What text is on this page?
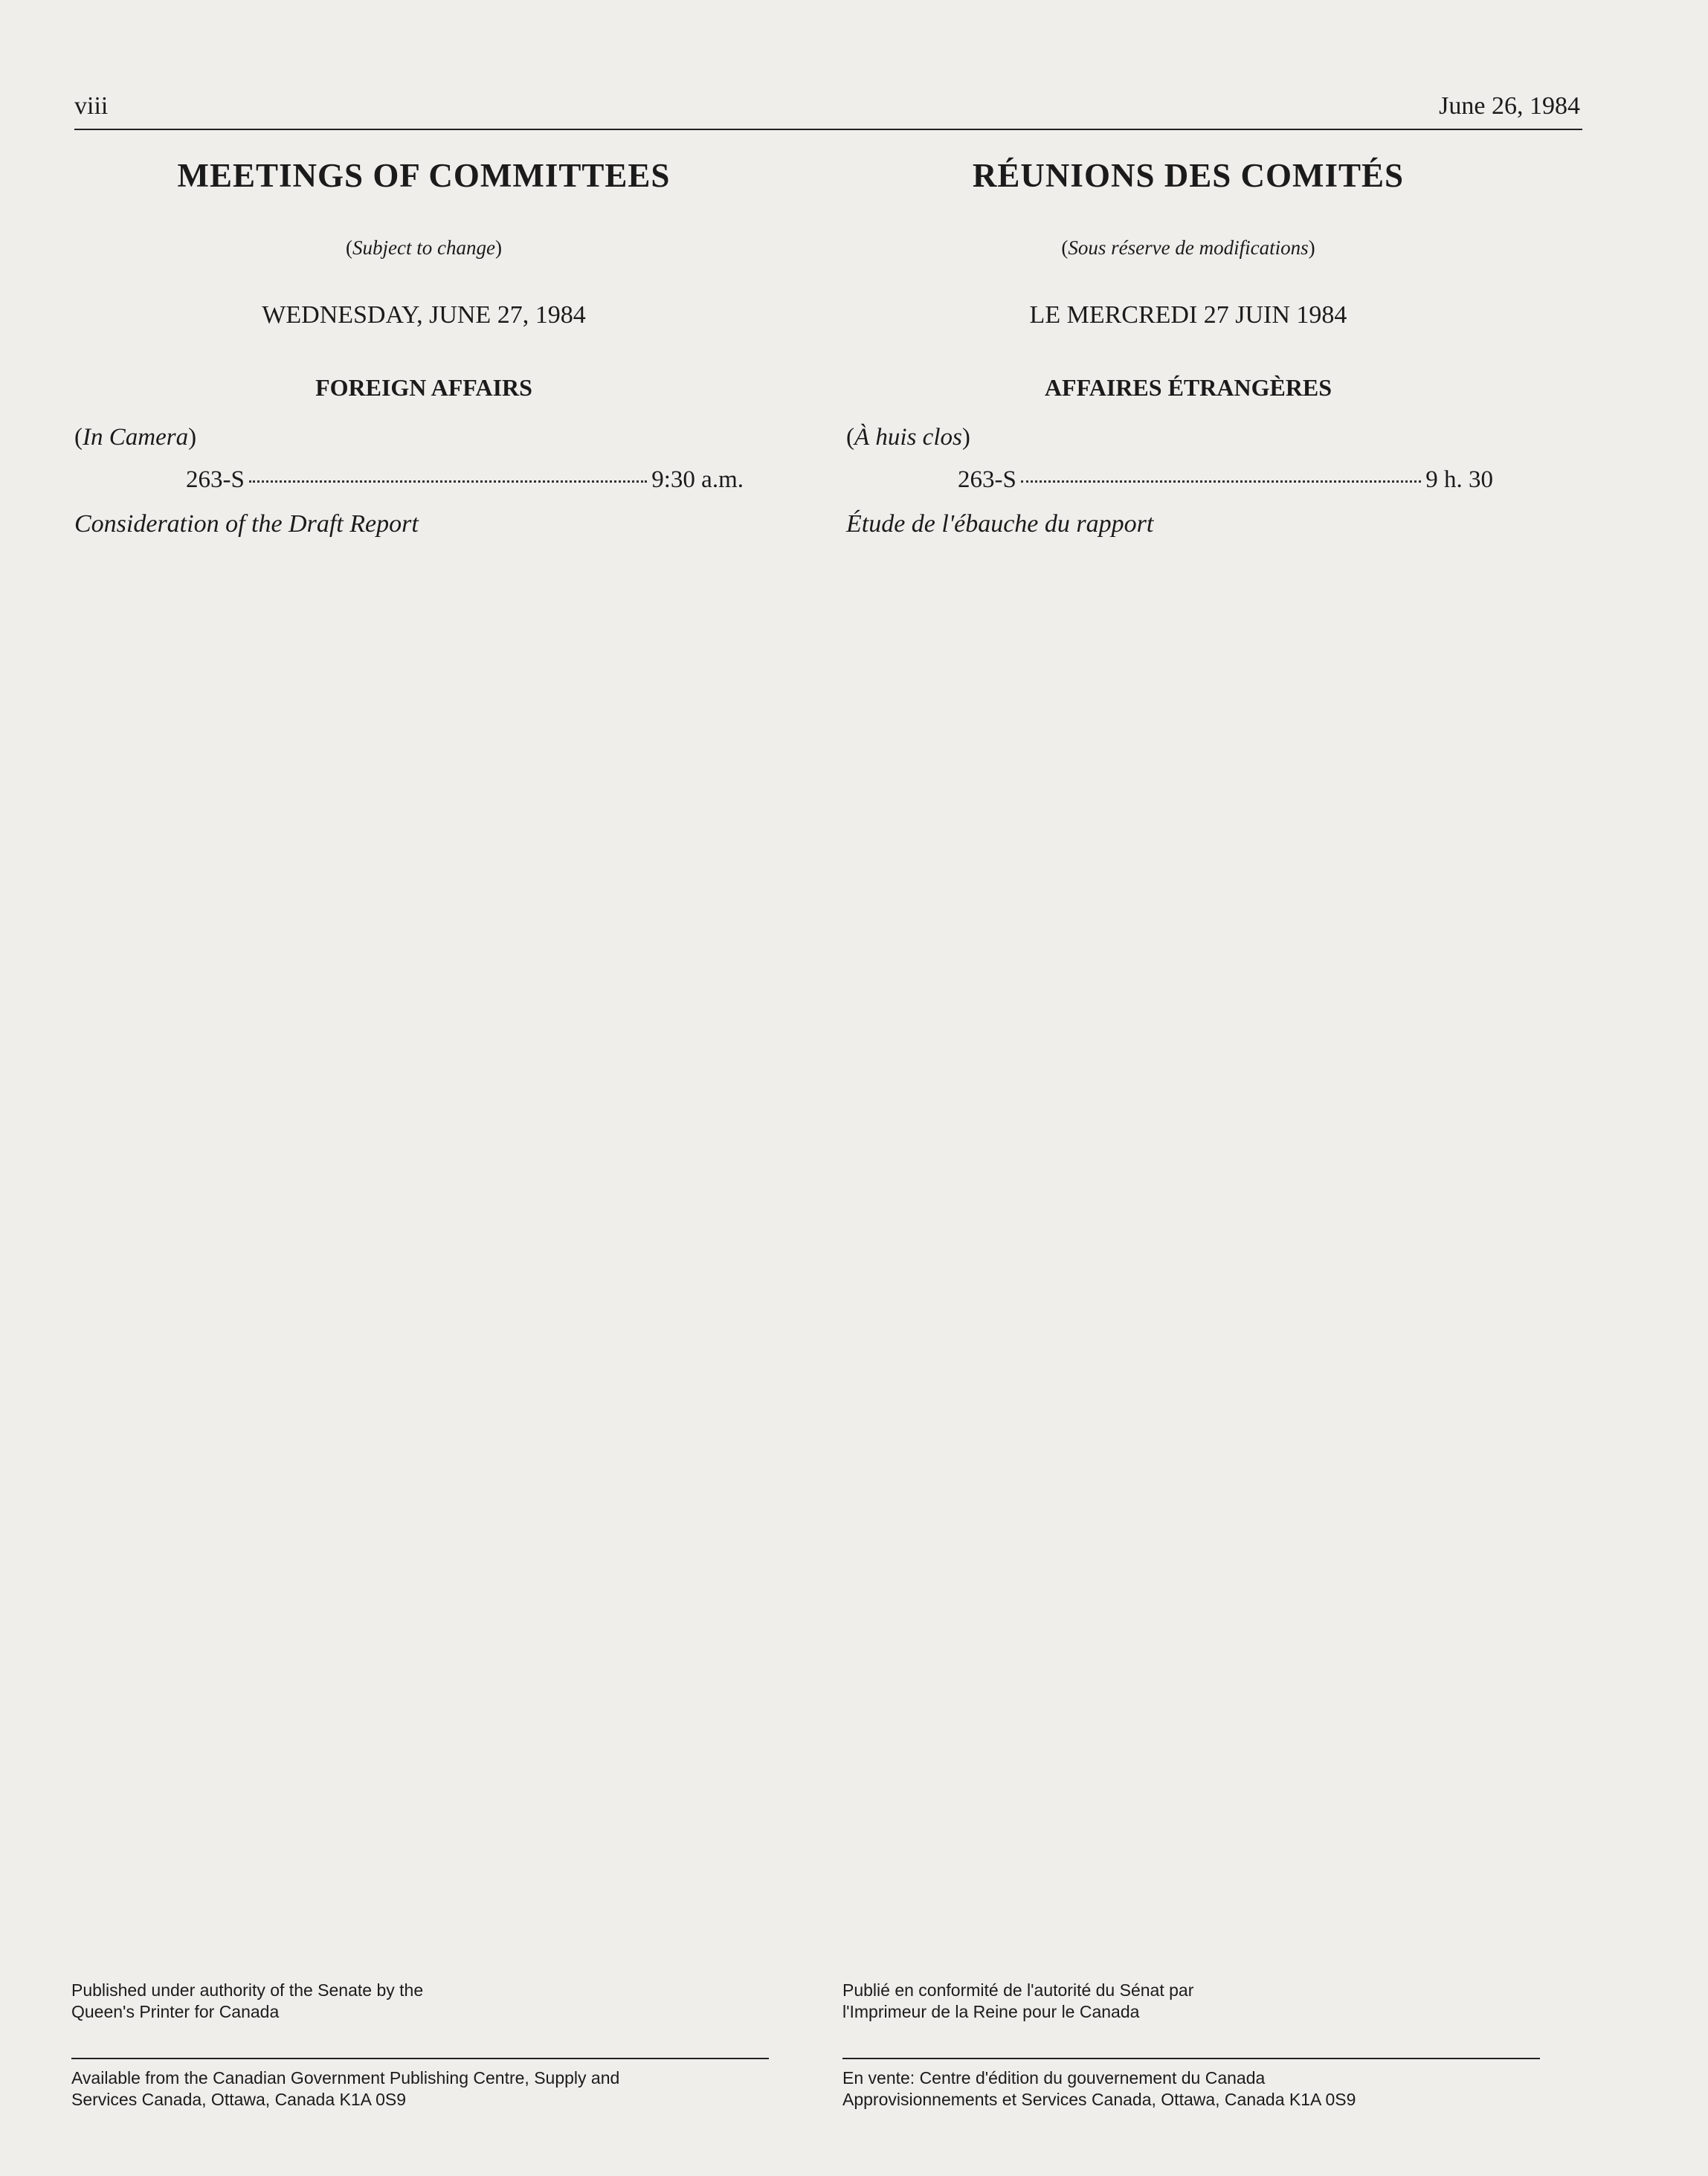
viii	June 26, 1984
MEETINGS OF COMMITTEES
(Subject to change)
WEDNESDAY, JUNE 27, 1984
FOREIGN AFFAIRS
(In Camera)
263-S	9:30 a.m.
Consideration of the Draft Report
RÉUNIONS DES COMITÉS
(Sous réserve de modifications)
LE MERCREDI 27 JUIN 1984
AFFAIRES ÉTRANGÈRES
(À huis clos)
263-S	9 h. 30
Étude de l'ébauche du rapport
Published under authority of the Senate by the
Queen's Printer for Canada
Available from the Canadian Government Publishing Centre, Supply and
Services Canada, Ottawa, Canada K1A 0S9
Publié en conformité de l'autorité du Sénat par
l'Imprimeur de la Reine pour le Canada
En vente: Centre d'édition du gouvernement du Canada
Approvisionnements et Services Canada, Ottawa, Canada K1A 0S9
